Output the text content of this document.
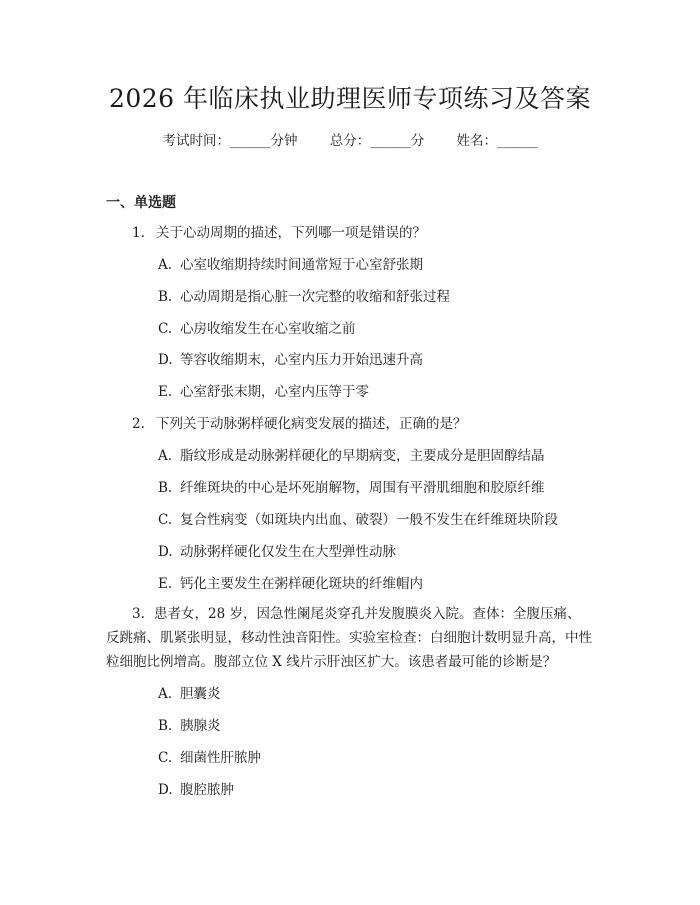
2026 年临床执业助理医师专项练习及答案
考试时间：______分钟 总分：______分 姓名：______
一、单选题
1. 关于心动周期的描述，下列哪一项是错误的？
A. 心室收缩期持续时间通常短于心室舒张期
B. 心动周期是指心脏一次完整的收缩和舒张过程
C. 心房收缩发生在心室收缩之前
D. 等容收缩期末，心室内压力开始迅速升高
E. 心室舒张末期，心室内压等于零
2. 下列关于动脉粥样硬化病变发展的描述，正确的是？
A. 脂纹形成是动脉粥样硬化的早期病变，主要成分是胆固醇结晶
B. 纤维斑块的中心是坏死崩解物，周围有平滑肌细胞和胶原纤维
C. 复合性病变（如斑块内出血、破裂）一般不发生在纤维斑块阶段
D. 动脉粥样硬化仅发生在大型弹性动脉
E. 钙化主要发生在粥样硬化斑块的纤维帽内
3. 患者女，28 岁，因急性阑尾炎穿孔并发腹膜炎入院。查体：全腹压痛、
反跳痛、肌紧张明显，移动性浊音阳性。实验室检查：白细胞计数明显升高，中性
粒细胞比例增高。腹部立位 X 线片示肝浊区扩大。该患者最可能的诊断是？
A. 胆囊炎
B. 胰腺炎
C. 细菌性肝脓肿
D. 腹腔脓肿
